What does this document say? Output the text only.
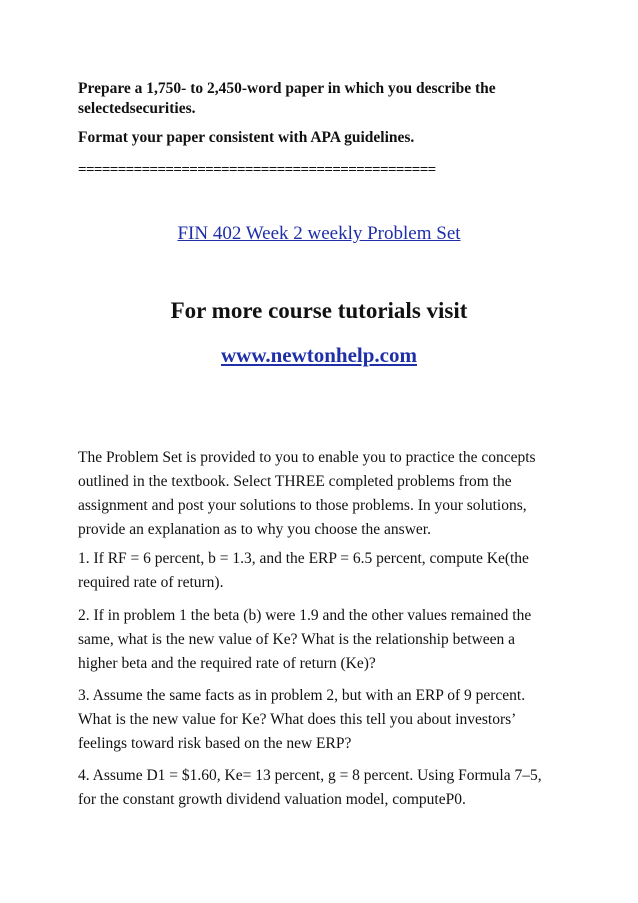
Prepare a 1,750- to 2,450-word paper in which you describe the
selectedsecurities.

Format your paper consistent with APA guidelines.

=============================================

FIN 402 Week 2 weekly Problem Set

For more course tutorials visit

www.newtonhelp.com

The Problem Set is provided to you to enable you to practice the concepts
outlined in the textbook. Select THREE completed problems from the
assignment and post your solutions to those problems. In your solutions,
provide an explanation as to why you choose the answer.

1. If RF = 6 percent, b = 1.3, and the ERP = 6.5 percent, compute Ke(the
required rate of return).

2. If in problem 1 the beta (b) were 1.9 and the other values remained the
same, what is the new value of Ke? What is the relationship between a
higher beta and the required rate of return (Ke)?

3. Assume the same facts as in problem 2, but with an ERP of 9 percent.
What is the new value for Ke? What does this tell you about investors’
feelings toward risk based on the new ERP?

4. Assume D1 = $1.60, Ke= 13 percent, g = 8 percent. Using Formula 7–5,
for the constant growth dividend valuation model, computeP0.
